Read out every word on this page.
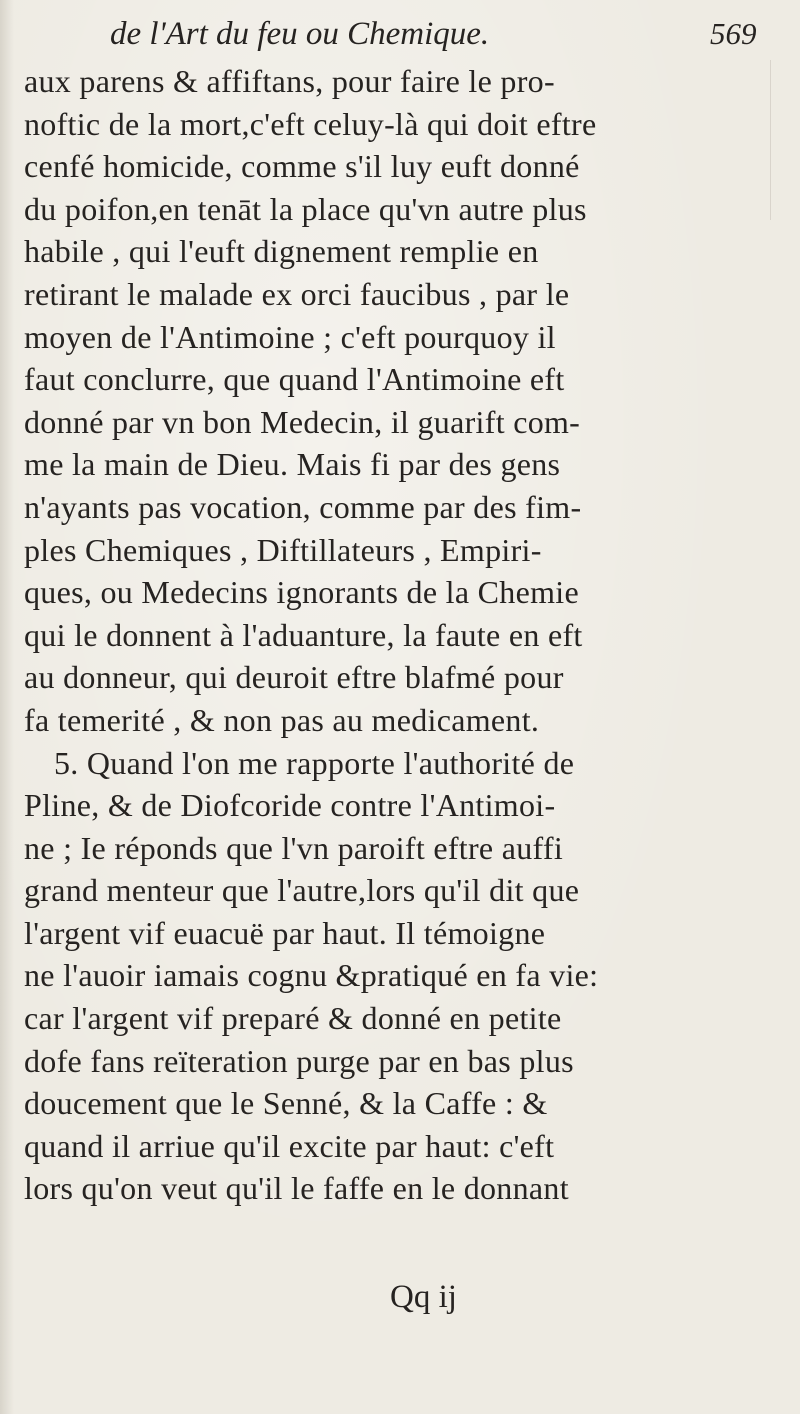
de l'Art du feu ou Chemique.	569
aux parens & affiftans, pour faire le pro-
noftic de la mort,c'eft celuy-là qui doit eftre
cenfé homicide, comme s'il luy euft donné
du poifon,en tenāt la place qu'vn autre plus
habile , qui l'euft dignement remplie en
retirant le malade ex orci faucibus , par le
moyen de l'Antimoine ; c'eft pourquoy il
faut conclurre, que quand l'Antimoine eft
donné par vn bon Medecin, il guarift com-
me la main de Dieu. Mais fi par des gens
n'ayants pas vocation, comme par des fim-
ples Chemiques , Diftillateurs , Empiri-
ques, ou Medecins ignorants de la Chemie
qui le donnent à l'aduanture, la faute en eft
au donneur, qui deuroit eftre blafmé pour
fa temerité , & non pas au medicament.
5. Quand l'on me rapporte l'authorité de
Pline, & de Diofcoride contre l'Antimoi-
ne ; Ie réponds que l'vn paroift eftre auffi
grand menteur que l'autre,lors qu'il dit que
l'argent vif euacuë par haut. Il témoigne
ne l'auoir iamais cognu &pratiqué en fa vie:
car l'argent vif preparé & donné en petite
dofe fans reïteration purge par en bas plus
doucement que le Senné, & la Caffe : &
quand il arriue qu'il excite par haut: c'eft
lors qu'on veut qu'il le faffe en le donnant
Qq ij
